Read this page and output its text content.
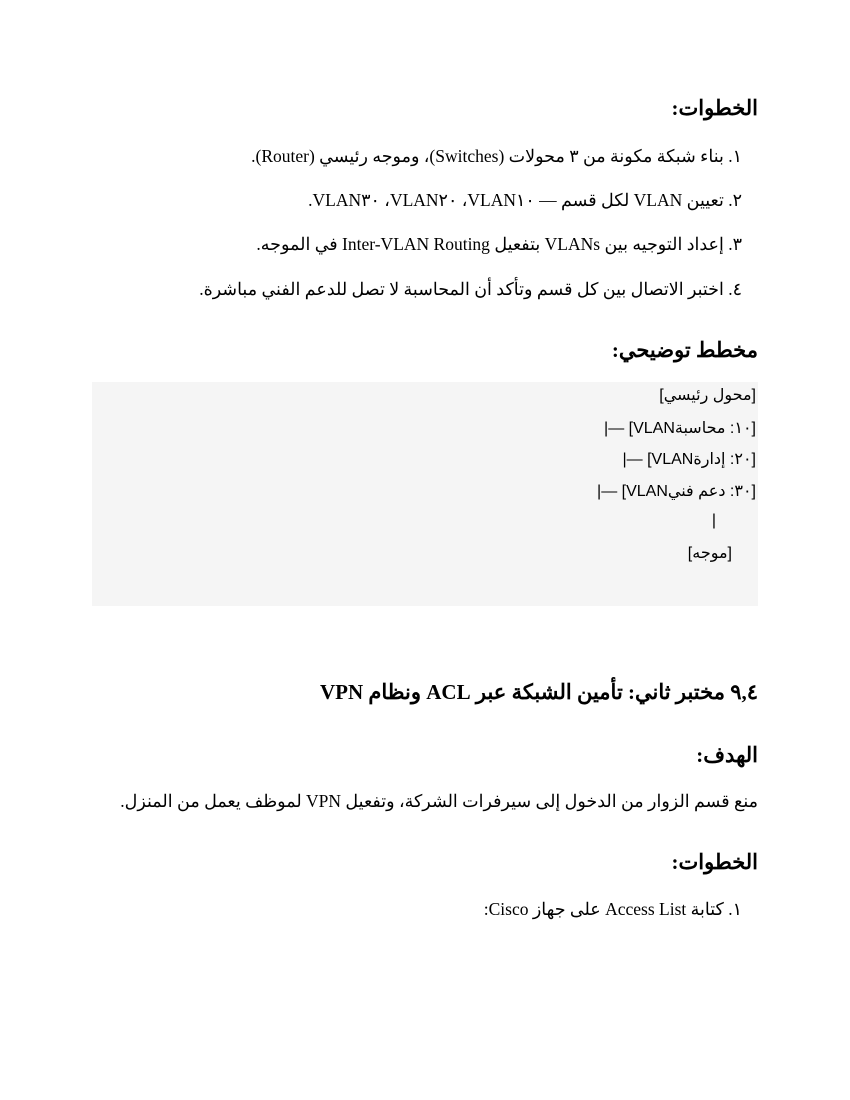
الخطوات:
١. بناء شبكة مكونة من ٣ محولات (Switches)، وموجه رئيسي (Router).
٢. تعيين VLAN لكل قسم — VLAN١٠، VLAN٢٠، VLAN٣٠.
٣. إعداد التوجيه بين VLANs بتفعيل Inter-VLAN Routing في الموجه.
٤. اختبر الاتصال بين كل قسم وتأكد أن المحاسبة لا تصل للدعم الفني مباشرة.
مخطط توضيحي:
[محول رئيسي]
|— [VLAN١٠: محاسبة]
|— [VLAN٢٠: إدارة]
|— [VLAN٣٠: دعم فني]
|
[موجه]
٩,٤ مختبر ثاني: تأمين الشبكة عبر ACL ونظام VPN
الهدف:
منع قسم الزوار من الدخول إلى سيرفرات الشركة، وتفعيل VPN لموظف يعمل من المنزل.
الخطوات:
١. كتابة Access List على جهاز Cisco:
